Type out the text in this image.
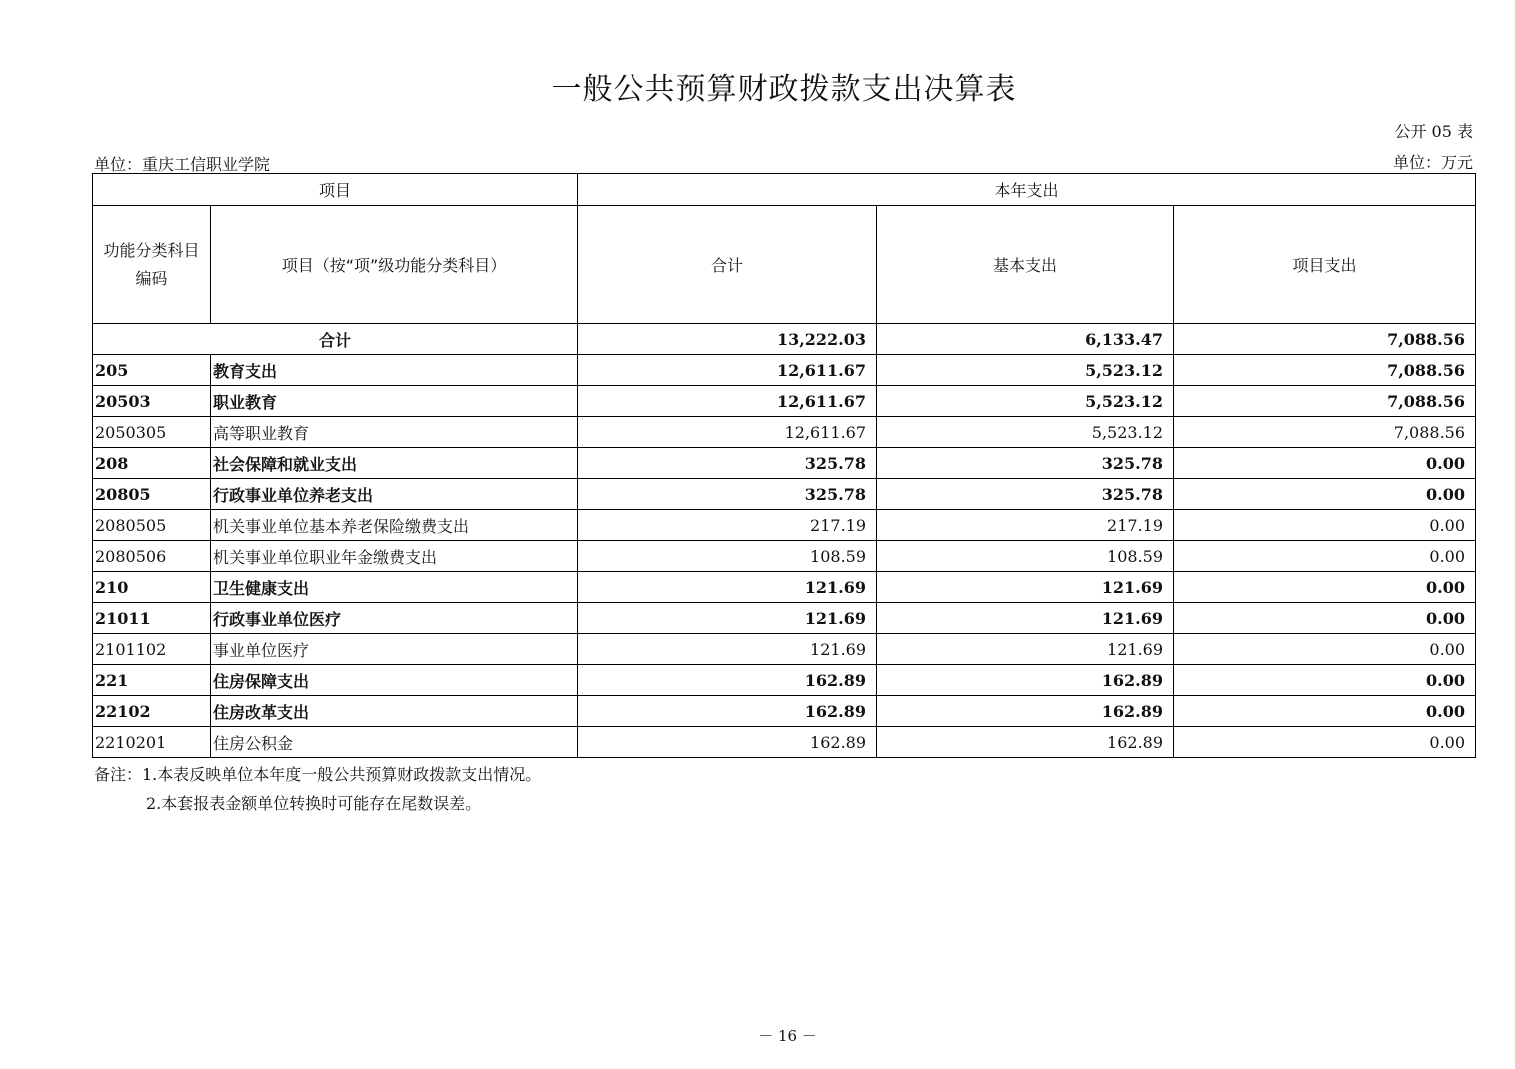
一般公共预算财政拨款支出决算表
公开 05 表
单位：重庆工信职业学院	单位：万元
项目		本年支出		
功能分类科目编码	项目（按“项”级功能分类科目）	合计	基本支出	项目支出
合计		13,222.03	6,133.47	7,088.56
205	教育支出	12,611.67	5,523.12	7,088.56
20503	职业教育	12,611.67	5,523.12	7,088.56
2050305	高等职业教育	12,611.67	5,523.12	7,088.56
208	社会保障和就业支出	325.78	325.78	0.00
20805	行政事业单位养老支出	325.78	325.78	0.00
2080505	机关事业单位基本养老保险缴费支出	217.19	217.19	0.00
2080506	机关事业单位职业年金缴费支出	108.59	108.59	0.00
210	卫生健康支出	121.69	121.69	0.00
21011	行政事业单位医疗	121.69	121.69	0.00
2101102	事业单位医疗	121.69	121.69	0.00
221	住房保障支出	162.89	162.89	0.00
22102	住房改革支出	162.89	162.89	0.00
2210201	住房公积金	162.89	162.89	0.00
备注：1.本表反映单位本年度一般公共预算财政拨款支出情况。
2.本套报表金额单位转换时可能存在尾数误差。
－ 16 －
